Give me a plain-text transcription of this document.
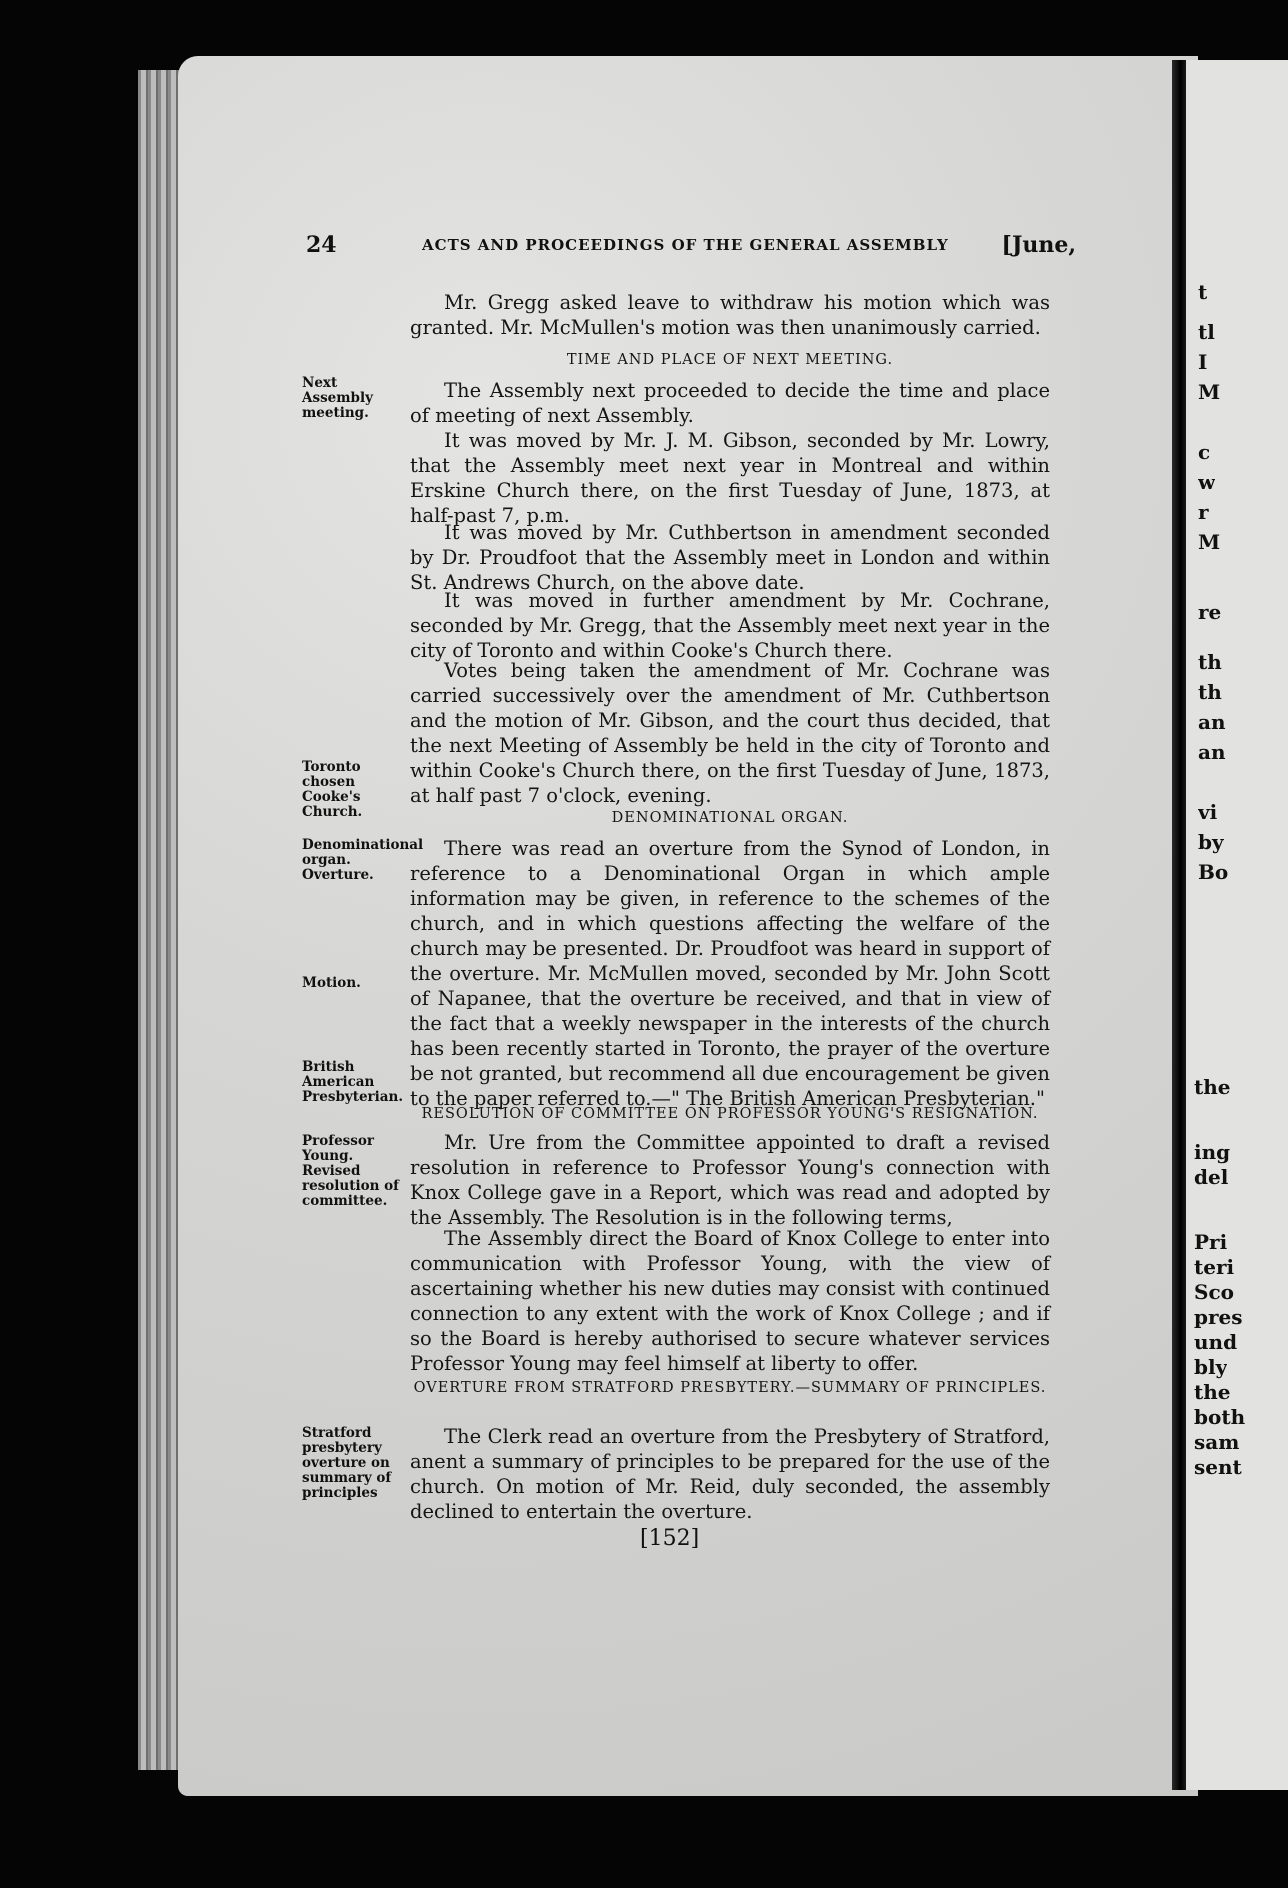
t
tl
I
M
c
w
r
M
re
th
th
an
an
vi
by
Bo
the
ing
del
Pri
teri
Sco
pres
und
bly
the
both
sam
sent
24	ACTS AND PROCEEDINGS OF THE GENERAL ASSEMBLY [June,

Mr. Gregg asked leave to withdraw his motion which was granted. Mr. McMullen's motion was then unanimously carried.

TIME AND PLACE OF NEXT MEETING.

Next Assembly meeting.

The Assembly next proceeded to decide the time and place of meeting of next Assembly.

It was moved by Mr. J. M. Gibson, seconded by Mr. Lowry, that the Assembly meet next year in Montreal and within Erskine Church there, on the first Tuesday of June, 1873, at half-past 7, p.m.

It was moved by Mr. Cuthbertson in amendment seconded by Dr. Proudfoot that the Assembly meet in London and within St. Andrews Church, on the above date.

It was moved in further amendment by Mr. Cochrane, seconded by Mr. Gregg, that the Assembly meet next year in the city of Toronto and within Cooke's Church there.

Votes being taken the amendment of Mr. Cochrane was carried successively over the amendment of Mr. Cuthbertson and the motion of Mr. Gibson, and the court thus decided, that the next Meeting of Assembly be held in the city of Toronto and within Cooke's Church there, on the first Tuesday of June, 1873, at half past 7 o'clock, evening.

Toronto chosen Cooke's Church.	DENOMINATIONAL ORGAN.

Denominational organ. Overture.

There was read an overture from the Synod of London, in reference to a Denominational Organ in which ample information may be given, in reference to the schemes of the church, and in which questions affecting the welfare of the church may be presented. Dr. Proudfoot was heard in support of the overture. Mr. McMullen moved, seconded by Mr. John Scott of Napanee, that the overture be received, and that in view of the fact that a weekly newspaper in the interests of the church has been recently started in Toronto, the prayer of the overture be not granted, but recommend all due encouragement be given to the paper referred to.—" The British American Presbyterian."

Motion.

British American Presbyterian.

RESOLUTION OF COMMITTEE ON PROFESSOR YOUNG'S RESIGNATION.

Professor Young. Revised resolution of committee.

Mr. Ure from the Committee appointed to draft a revised resolution in reference to Professor Young's connection with Knox College gave in a Report, which was read and adopted by the Assembly. The Resolution is in the following terms,

The Assembly direct the Board of Knox College to enter into communication with Professor Young, with the view of ascertaining whether his new duties may consist with continued connection to any extent with the work of Knox College ; and if so the Board is hereby authorised to secure whatever services Professor Young may feel himself at liberty to offer.

OVERTURE FROM STRATFORD PRESBYTERY.—SUMMARY OF PRINCIPLES.

Stratford presbytery overture on summary of principles

The Clerk read an overture from the Presbytery of Stratford, anent a summary of principles to be prepared for the use of the church. On motion of Mr. Reid, duly seconded, the assembly declined to entertain the overture.

[152]
